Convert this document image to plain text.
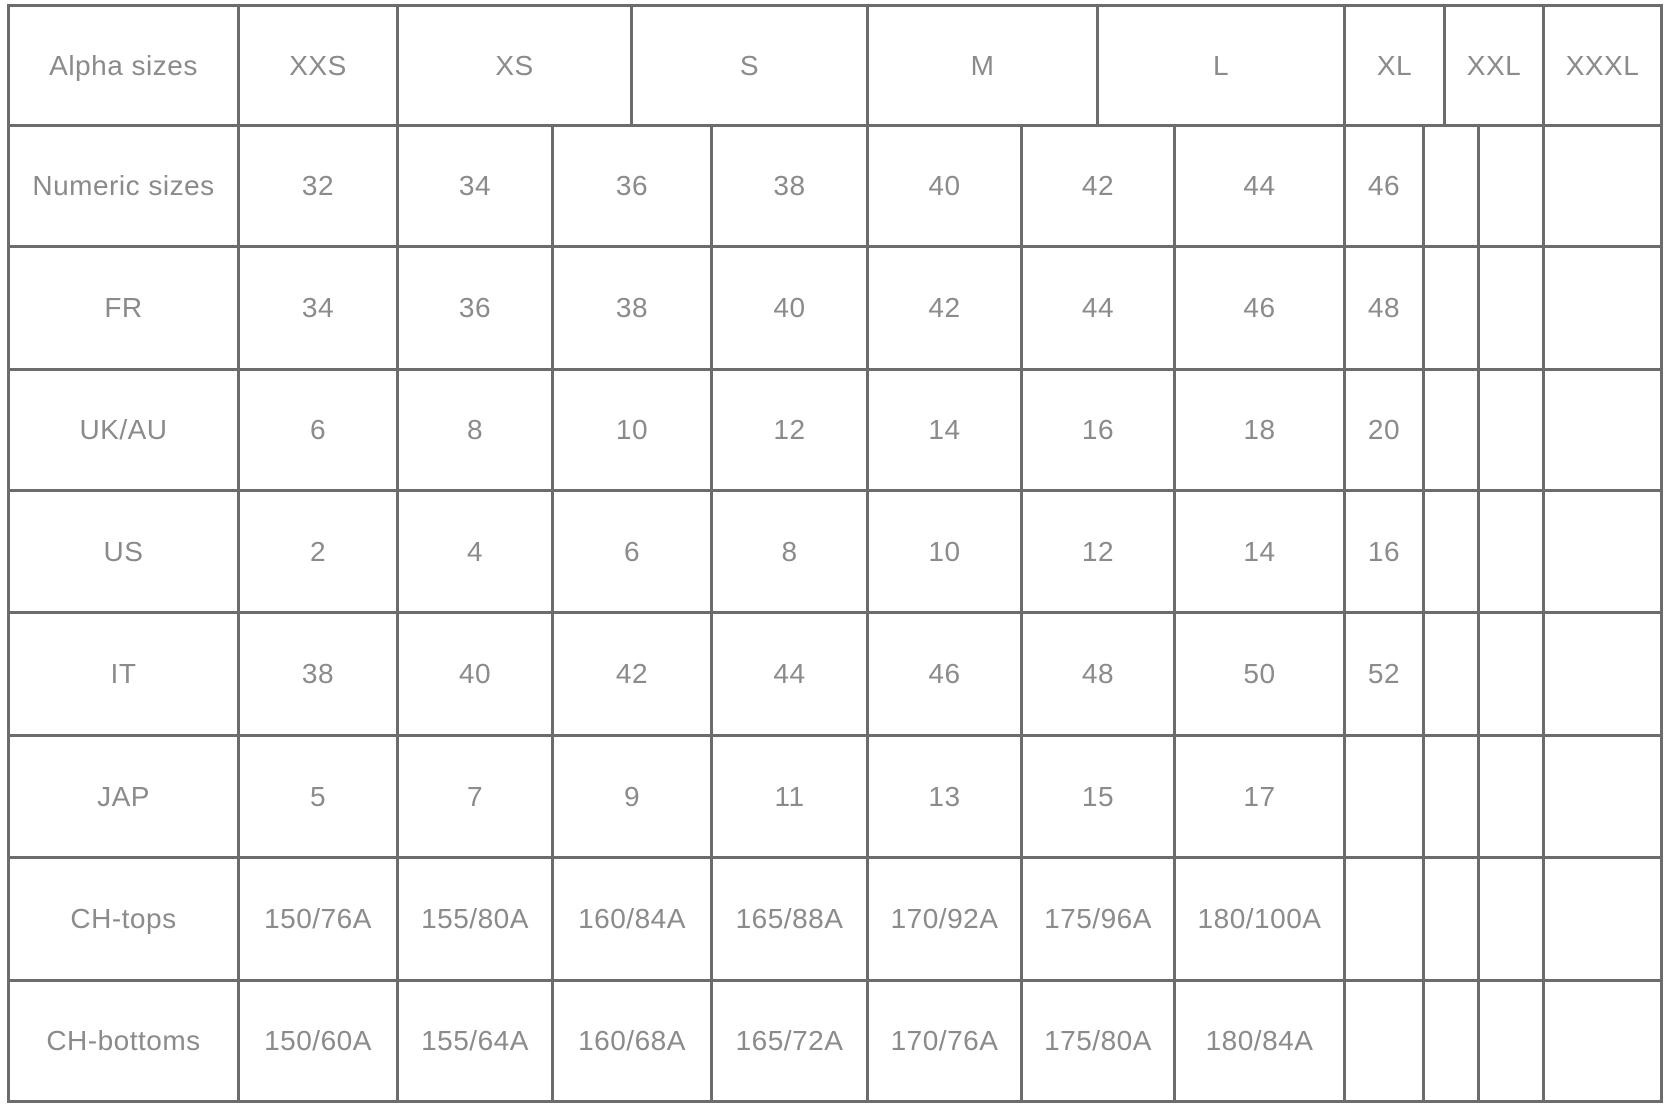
Alpha sizes	XXS	XS	S	M	L	XL	XXL	XXXL
Numeric sizes	32	34	36	38	40	42	44	46
FR	34	36	38	40	42	44	46	48
UK/AU	6	8	10	12	14	16	18	20
US	2	4	6	8	10	12	14	16
IT	38	40	42	44	46	48	50	52
JAP	5	7	9	11	13	15	17
CH-tops	150/76A	155/80A	160/84A	165/88A	170/92A	175/96A	180/100A
CH-bottoms	150/60A	155/64A	160/68A	165/72A	170/76A	175/80A	180/84A
